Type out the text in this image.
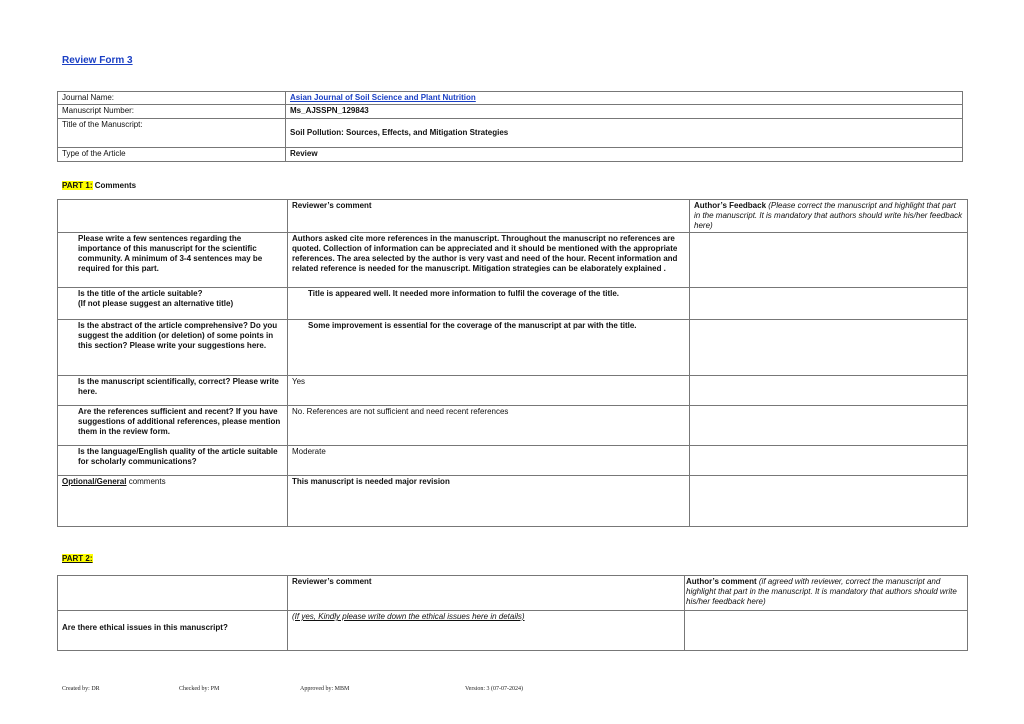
Review Form 3
Journal Name:	Asian Journal of Soil Science and Plant Nutrition
Manuscript Number:	Ms_AJSSPN_129843
Title of the Manuscript:	Soil Pollution: Sources, Effects, and Mitigation Strategies
Type of the Article	Review
PART 1: Comments
	Reviewer’s comment	Author’s Feedback (Please correct the manuscript and highlight that part in the manuscript. It is mandatory that authors should write his/her feedback here)
Please write a few sentences regarding the importance of this manuscript for the scientific community. A minimum of 3-4 sentences may be required for this part.	Authors asked cite more references in the manuscript. Throughout the manuscript no references are quoted. Collection of information can be appreciated and it should be mentioned with the appropriate references. The area selected by the author is very vast and need of the hour. Recent information and related reference is needed for the manuscript. Mitigation strategies can be elaborately explained .	

Is the title of the article suitable?
(If not please suggest an alternative title)	Title is appeared well. It needed more information to fulfil the coverage of the title.	
Is the abstract of the article comprehensive? Do you suggest the addition (or deletion) of some points in this section? Please write your suggestions here.	Some improvement is essential for the coverage of the manuscript at par with the title.	
Is the manuscript scientifically, correct? Please write here.	Yes	
Are the references sufficient and recent? If you have suggestions of additional references, please mention them in the review form.	No. References are not sufficient and need recent references	
Is the language/English quality of the article suitable for scholarly communications?	Moderate	
Optional/General comments	This manuscript is needed major revision	
PART 2:
	Reviewer’s comment	Author’s comment (if agreed with reviewer, correct the manuscript and highlight that part in the manuscript. It is mandatory that authors should write his/her feedback here)
Are there ethical issues in this manuscript?	(If yes, Kindly please write down the ethical issues here in details)	
Created by: DR	Checked by: PM	Approved by: MBM	Version: 3 (07-07-2024)
